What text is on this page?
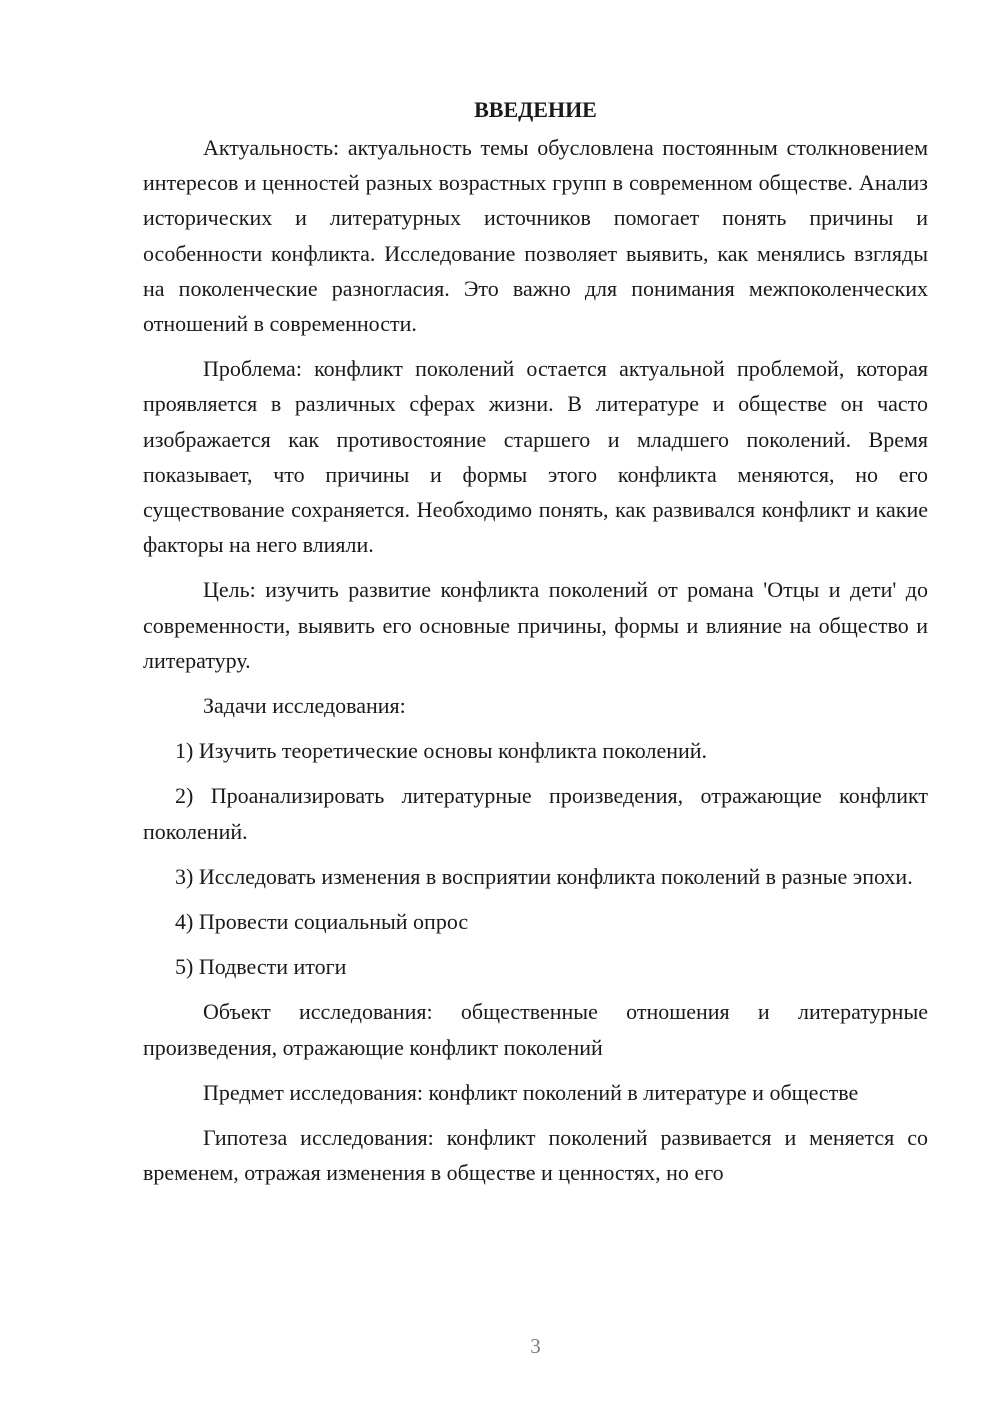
ВВЕДЕНИЕ

Актуальность: актуальность темы обусловлена постоянным столкновением интересов и ценностей разных возрастных групп в современном обществе. Анализ исторических и литературных источников помогает понять причины и особенности конфликта. Исследование позволяет выявить, как менялись взгляды на поколенческие разногласия. Это важно для понимания межпоколенческих отношений в современности.

Проблема: конфликт поколений остается актуальной проблемой, которая проявляется в различных сферах жизни. В литературе и обществе он часто изображается как противостояние старшего и младшего поколений. Время показывает, что причины и формы этого конфликта меняются, но его существование сохраняется. Необходимо понять, как развивался конфликт и какие факторы на него влияли.

Цель: изучить развитие конфликта поколений от романа 'Отцы и дети' до современности, выявить его основные причины, формы и влияние на общество и литературу.

Задачи исследования:

1) Изучить теоретические основы конфликта поколений.

2) Проанализировать литературные произведения, отражающие конфликт поколений.

3) Исследовать изменения в восприятии конфликта поколений в разные эпохи.

4) Провести социальный опрос

5) Подвести итоги

Объект исследования: общественные отношения и литературные произведения, отражающие конфликт поколений

Предмет исследования: конфликт поколений в литературе и обществе

Гипотеза исследования: конфликт поколений развивается и меняется со временем, отражая изменения в обществе и ценностях, но его

3
